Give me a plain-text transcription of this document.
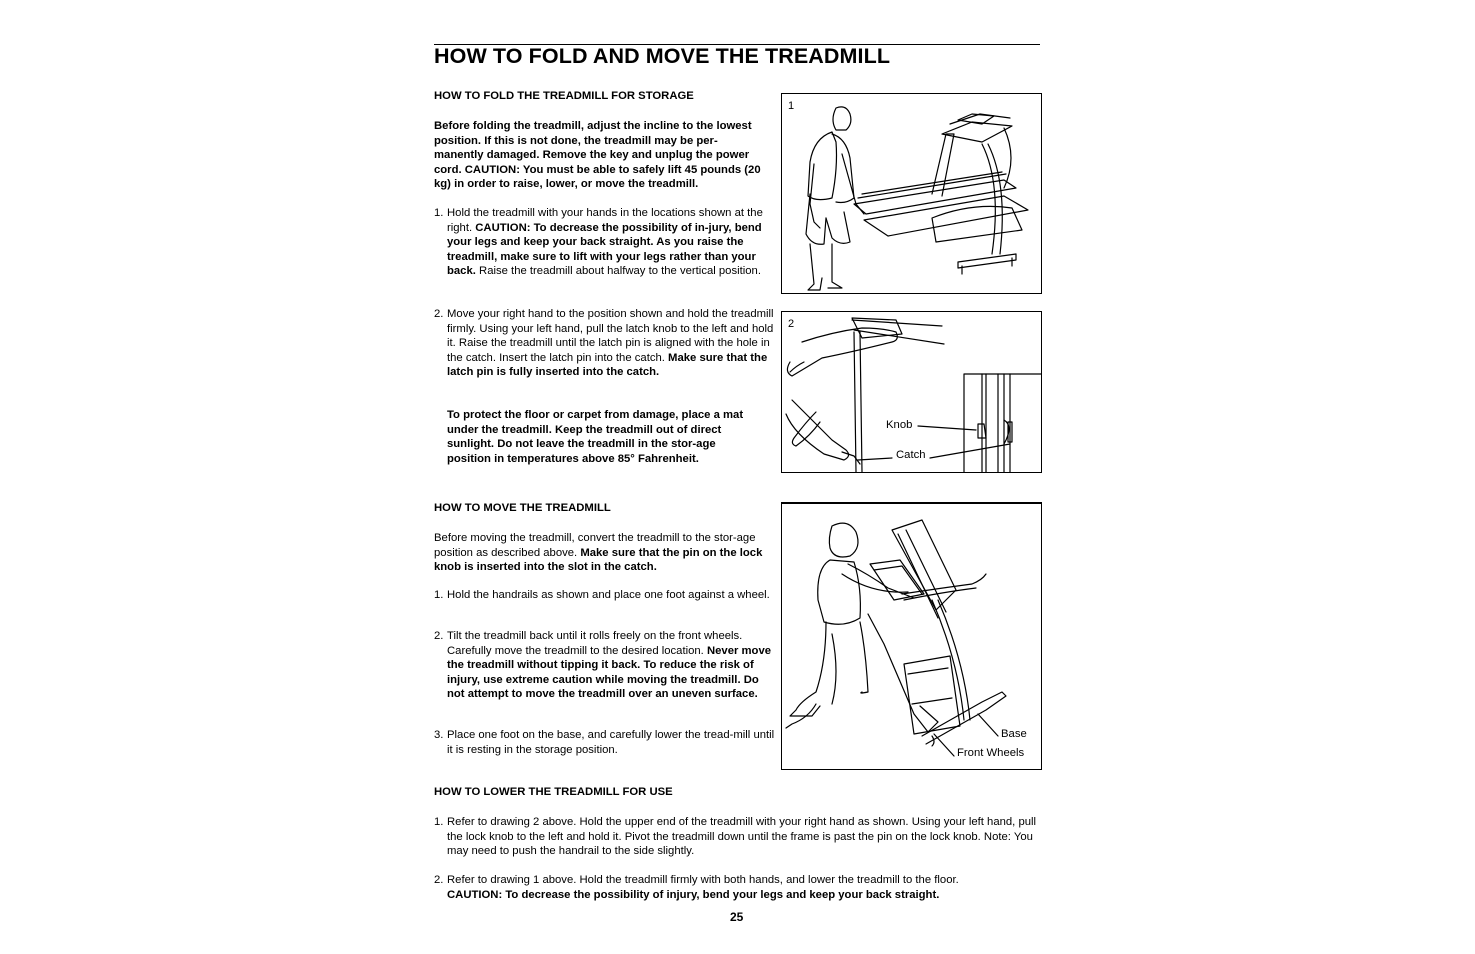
HOW TO FOLD AND MOVE THE TREADMILL
HOW TO FOLD THE TREADMILL FOR STORAGE
Before folding the treadmill, adjust the incline to the lowest position. If this is not done, the treadmill may be per-manently damaged. Remove the key and unplug the power cord. CAUTION: You must be able to safely lift 45 pounds (20 kg) in order to raise, lower, or move the treadmill.
1. Hold the treadmill with your hands in the locations shown at the right. CAUTION: To decrease the possibility of in-jury, bend your legs and keep your back straight. As you raise the treadmill, make sure to lift with your legs rather than your back. Raise the treadmill about halfway to the vertical position.
2. Move your right hand to the position shown and hold the treadmill firmly. Using your left hand, pull the latch knob to the left and hold it. Raise the treadmill until the latch pin is aligned with the hole in the catch. Insert the latch pin into the catch. Make sure that the latch pin is fully inserted into the catch.
To protect the floor or carpet from damage, place a mat under the treadmill. Keep the treadmill out of direct sunlight. Do not leave the treadmill in the stor-age position in temperatures above 85° Fahrenheit.
HOW TO MOVE THE TREADMILL
Before moving the treadmill, convert the treadmill to the stor-age position as described above. Make sure that the pin on the lock knob is inserted into the slot in the catch.
1. Hold the handrails as shown and place one foot against a wheel.
2. Tilt the treadmill back until it rolls freely on the front wheels. Carefully move the treadmill to the desired location. Never move the treadmill without tipping it back. To reduce the risk of injury, use extreme caution while moving the treadmill. Do not attempt to move the treadmill over an uneven surface.
3. Place one foot on the base, and carefully lower the tread-mill until it is resting in the storage position.
HOW TO LOWER THE TREADMILL FOR USE
1. Refer to drawing 2 above. Hold the upper end of the treadmill with your right hand as shown. Using your left hand, pull the lock knob to the left and hold it. Pivot the treadmill down until the frame is past the pin on the lock knob. Note: You may need to push the handrail to the side slightly.
2. Refer to drawing 1 above. Hold the treadmill firmly with both hands, and lower the treadmill to the floor.
CAUTION: To decrease the possibility of injury, bend your legs and keep your back straight.
1
2
Knob
Catch
Base
Front Wheels
25
